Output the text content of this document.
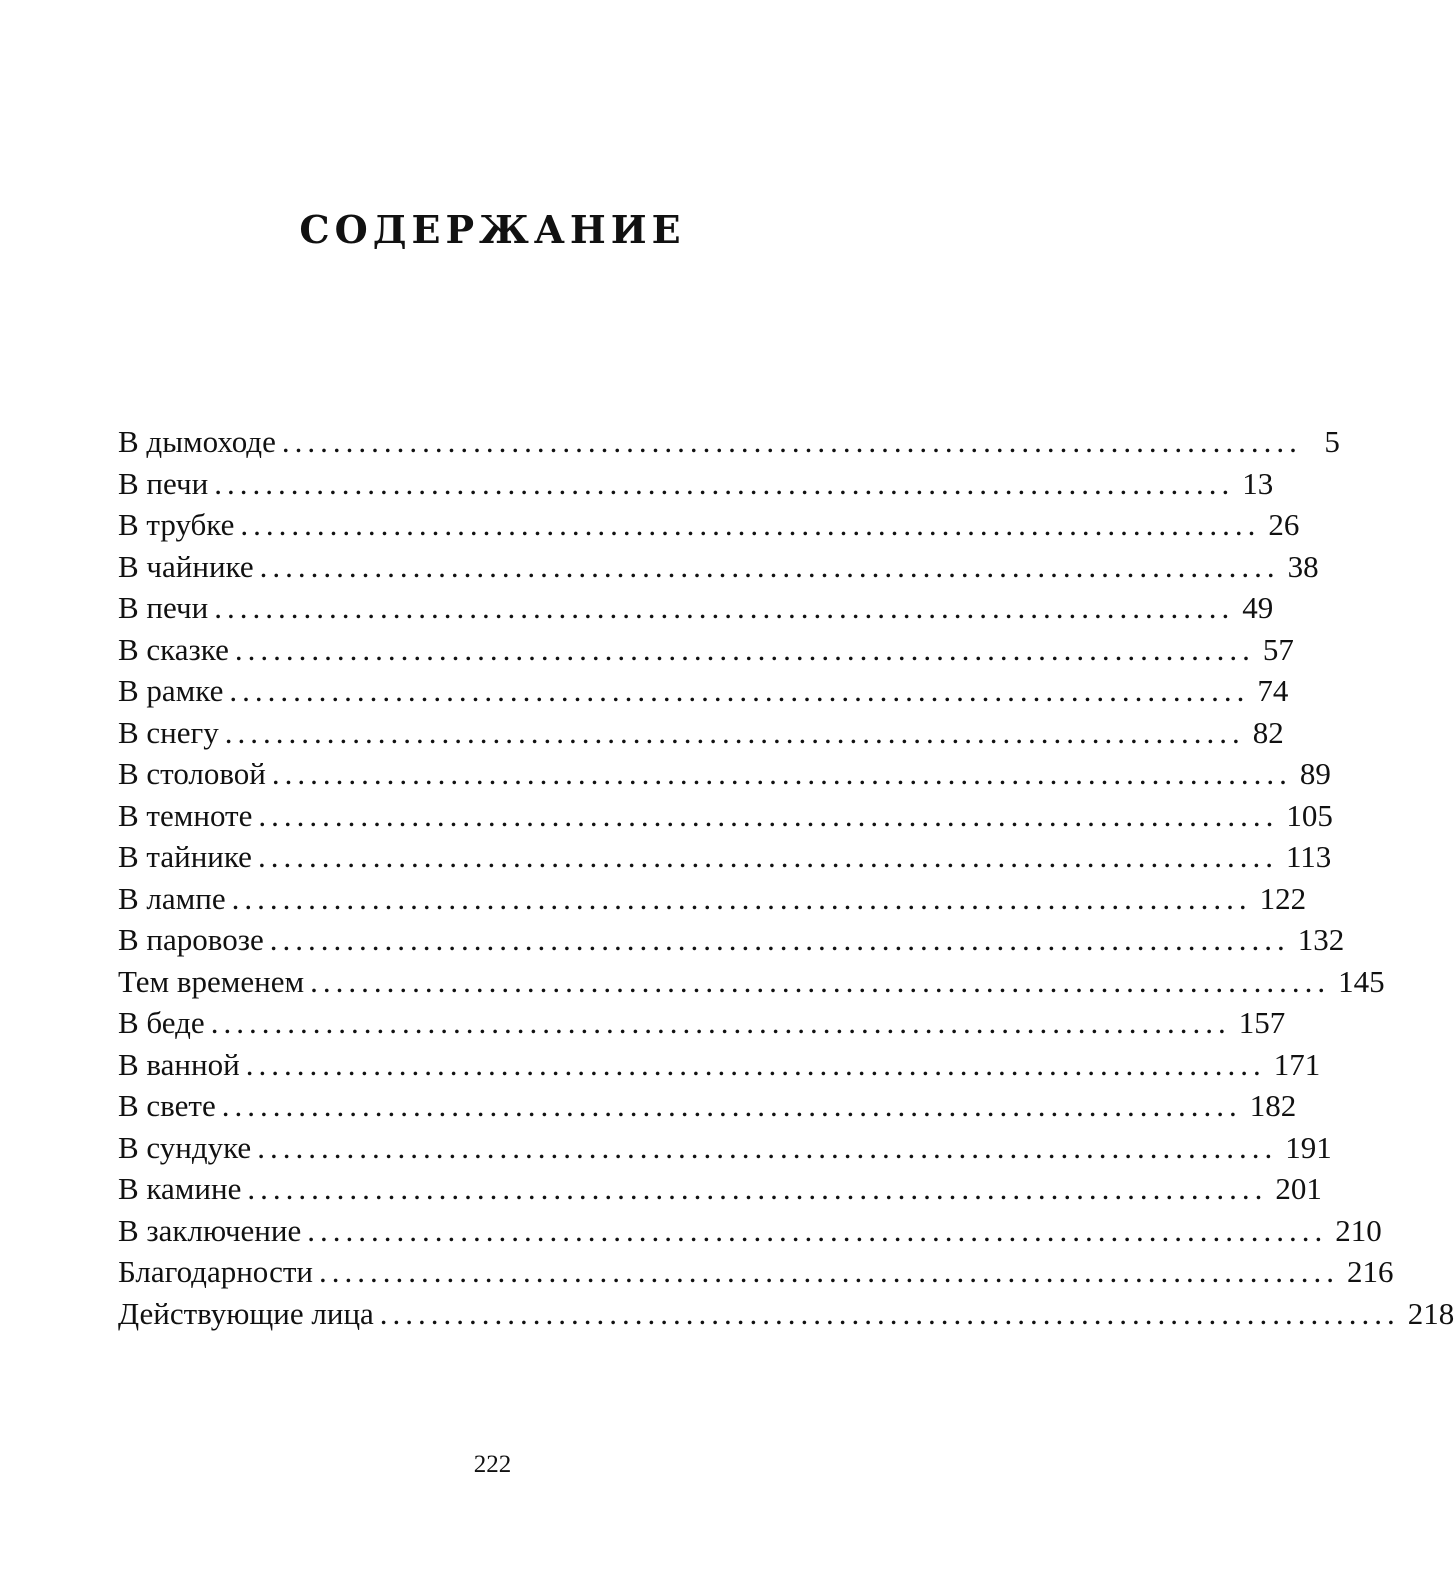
СОДЕРЖАНИЕ
В дымоходе ................................................................................ 5
В печи ................................................................................ 13
В трубке ................................................................................ 26
В чайнике ................................................................................ 38
В печи ................................................................................ 49
В сказке ................................................................................ 57
В рамке ................................................................................ 74
В снегу ................................................................................ 82
В столовой ................................................................................ 89
В темноте ................................................................................ 105
В тайнике ................................................................................ 113
В лампе ................................................................................ 122
В паровозе ................................................................................ 132
Тем временем ................................................................................ 145
В беде ................................................................................ 157
В ванной ................................................................................ 171
В свете ................................................................................ 182
В сундуке ................................................................................ 191
В камине ................................................................................ 201
В заключение ................................................................................ 210
Благодарности ................................................................................ 216
Действующие лица ................................................................................ 218
222
